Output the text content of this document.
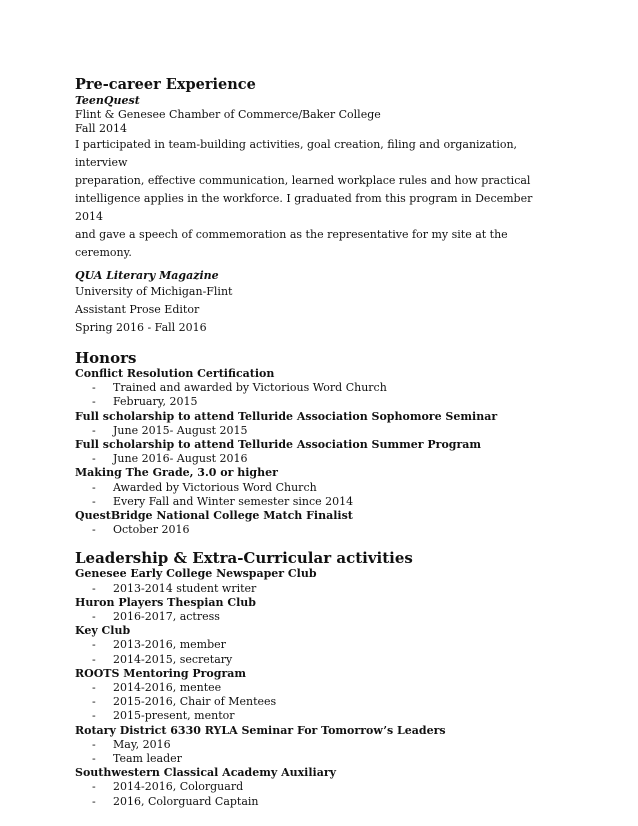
Pre-career Experience

TeenQuest

Flint & Genesee Chamber of Commerce/Baker College

Fall 2014

I participated in team-building activities, goal creation, filing and organization, interview

preparation, effective communication, learned workplace rules and how practical

intelligence applies in the workforce. I graduated from this program in December 2014

and gave a speech of commemoration as the representative for my site at the ceremony.

QUA Literary Magazine

University of Michigan-Flint

Assistant Prose Editor

Spring 2016 - Fall 2016

______________________________________________________________________________________

Honors

Conflict Resolution Certification

- Trained and awarded by Victorious Word Church
- February, 2015

Full scholarship to attend Telluride Association Sophomore Seminar

- June 2015- August 2015

Full scholarship to attend Telluride Association Summer Program

- June 2016- August 2016

Making The Grade, 3.0 or higher

- Awarded by Victorious Word Church
- Every Fall and Winter semester since 2014

QuestBridge National College Match Finalist

- October 2016

______________________________________________________________________________________

Leadership & Extra-Curricular activities

Genesee Early College Newspaper Club

- 2013-2014 student writer

Huron Players Thespian Club

- 2016-2017, actress

Key Club

- 2013-2016, member
- 2014-2015, secretary

ROOTS Mentoring Program

- 2014-2016, mentee
- 2015-2016, Chair of Mentees
- 2015-present, mentor

Rotary District 6330 RYLA Seminar For Tomorrow’s Leaders

- May, 2016
- Team leader

Southwestern Classical Academy Auxiliary

- 2014-2016, Colorguard
- 2016, Colorguard Captain
